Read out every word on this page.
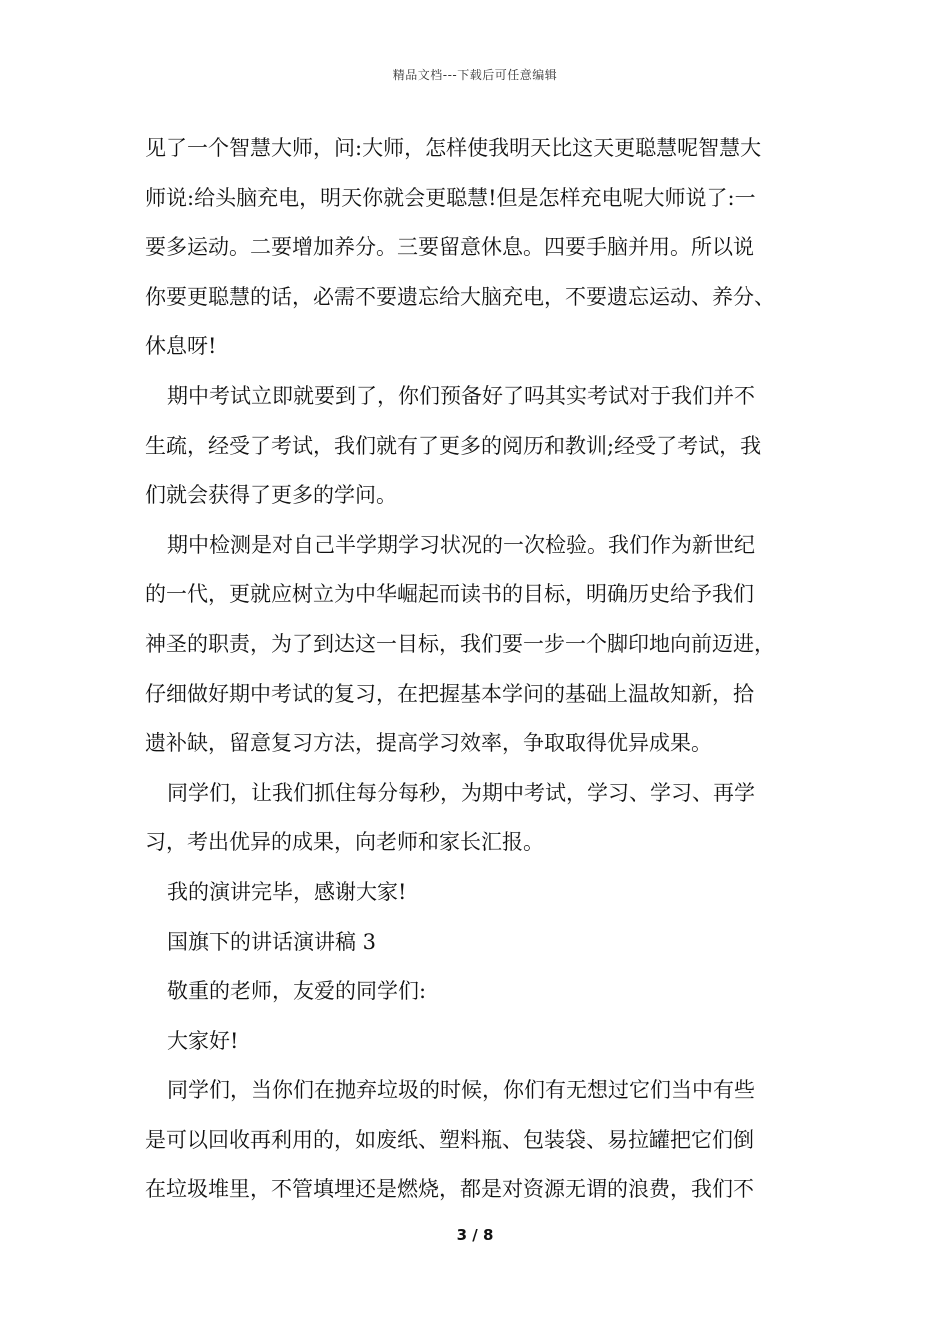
精品文档---下载后可任意编辑
见了一个智慧大师，问:大师，怎样使我明天比这天更聪慧呢智慧大
师说:给头脑充电，明天你就会更聪慧!但是怎样充电呢大师说了:一
要多运动。二要增加养分。三要留意休息。四要手脑并用。所以说
你要更聪慧的话，必需不要遗忘给大脑充电，不要遗忘运动、养分、
休息呀!
期中考试立即就要到了，你们预备好了吗其实考试对于我们并不
生疏，经受了考试，我们就有了更多的阅历和教训;经受了考试，我
们就会获得了更多的学问。
期中检测是对自己半学期学习状况的一次检验。我们作为新世纪
的一代，更就应树立为中华崛起而读书的目标，明确历史给予我们
神圣的职责，为了到达这一目标，我们要一步一个脚印地向前迈进，
仔细做好期中考试的复习，在把握基本学问的基础上温故知新，拾
遗补缺，留意复习方法，提高学习效率，争取取得优异成果。
同学们，让我们抓住每分每秒，为期中考试，学习、学习、再学
习，考出优异的成果，向老师和家长汇报。
我的演讲完毕，感谢大家!
国旗下的讲话演讲稿 3
敬重的老师，友爱的同学们:
大家好!
同学们，当你们在抛弃垃圾的时候，你们有无想过它们当中有些
是可以回收再利用的，如废纸、塑料瓶、包装袋、易拉罐把它们倒
在垃圾堆里，不管填埋还是燃烧，都是对资源无谓的浪费，我们不
3 / 8
